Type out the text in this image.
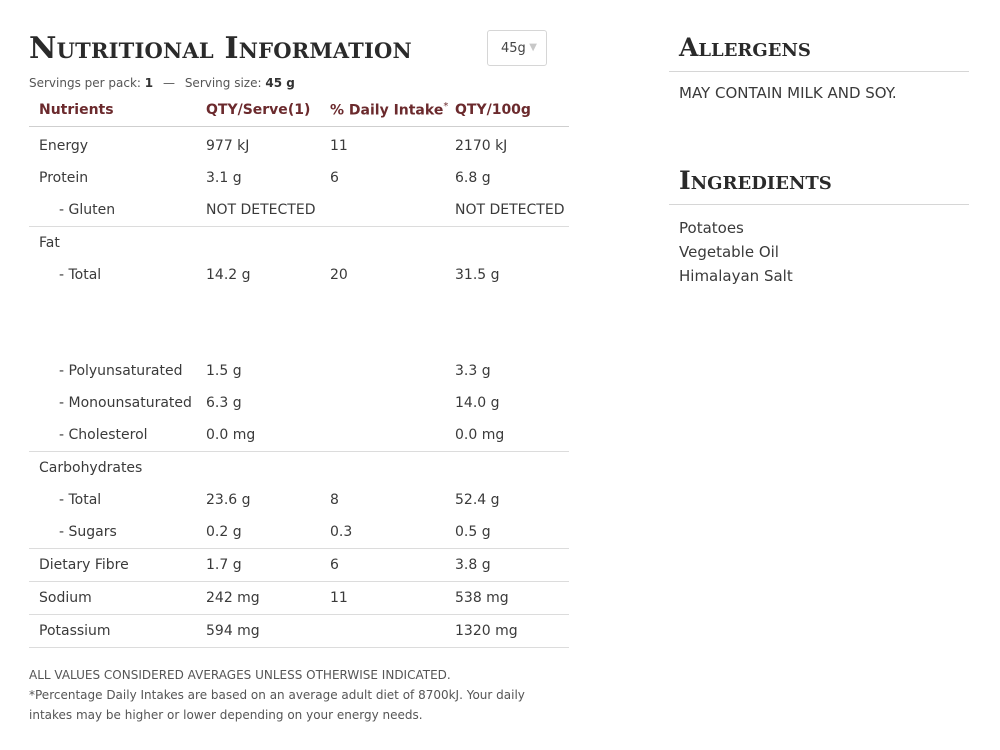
Nutritional Information	45g ▼
Servings per pack: 1 — Serving size: 45 g
Nutrients	QTY/Serve(1)	% Daily Intake*	QTY/100g
Energy	977 kJ	11	2170 kJ
Protein	3.1 g	6	6.8 g
- Gluten	NOT DETECTED		NOT DETECTED
Fat			
- Total	14.2 g	20	31.5 g

- Polyunsaturated	1.5 g		3.3 g
- Monounsaturated	6.3 g		14.0 g
- Cholesterol	0.0 mg		0.0 mg
Carbohydrates			
- Total	23.6 g	8	52.4 g
- Sugars	0.2 g	0.3	0.5 g
Dietary Fibre	1.7 g	6	3.8 g
Sodium	242 mg	11	538 mg
Potassium	594 mg		1320 mg

ALL VALUES CONSIDERED AVERAGES UNLESS OTHERWISE INDICATED.

*Percentage Daily Intakes are based on an average adult diet of 8700kJ. Your daily intakes may be higher or lower depending on your energy needs.

Allergens

MAY CONTAIN MILK AND SOY.

Ingredients
Potatoes
Vegetable Oil
Himalayan Salt
